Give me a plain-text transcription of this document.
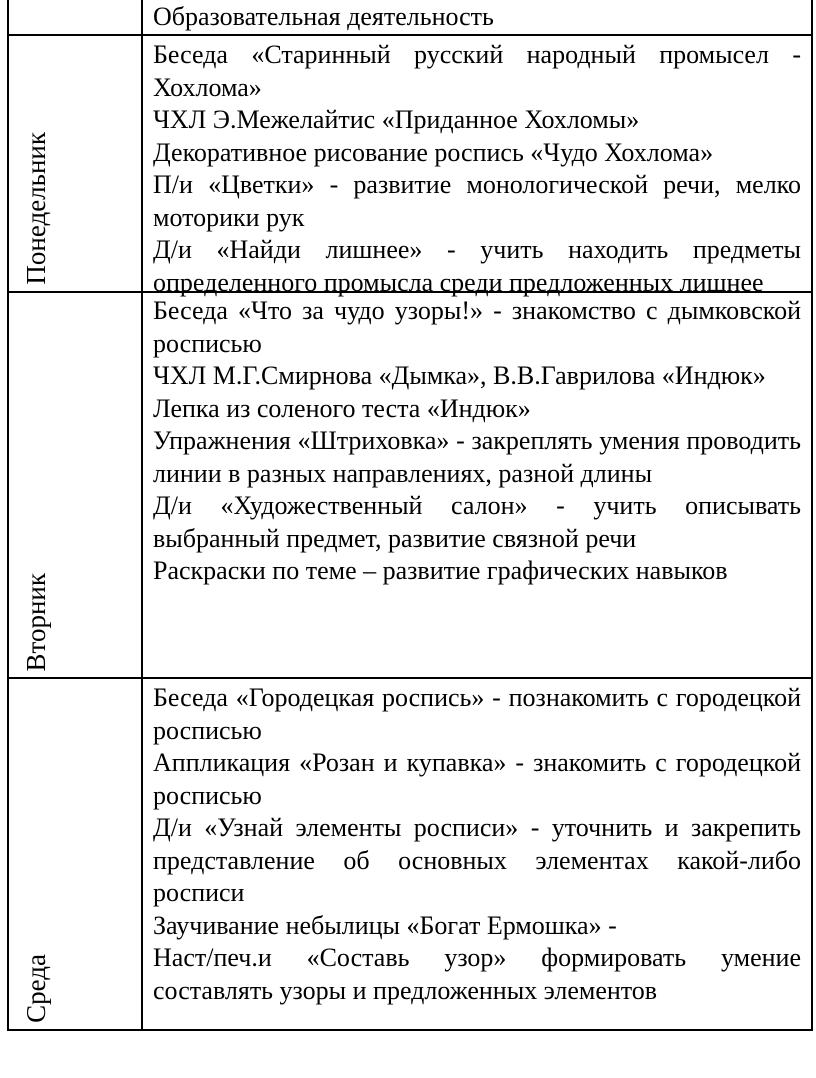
Образовательная деятельность
Понедельник

Беседа «Старинный русский народный промысел - Хохлома»

ЧХЛ Э.Межелайтис «Приданное Хохломы»

Декоративное рисование роспись «Чудо Хохлома»

П/и «Цветки» - развитие монологической речи, мелко моторики рук

Д/и «Найди лишнее» - учить находить предметы определенного промысла среди предложенных лишнее

Вторник

Беседа «Что за чудо узоры!» - знакомство с дымковской росписью

ЧХЛ М.Г.Смирнова «Дымка», В.В.Гаврилова «Индюк»

Лепка из соленого теста «Индюк»

Упражнения «Штриховка» - закреплять умения проводить линии в разных направлениях, разной длины

Д/и «Художественный салон» - учить описывать выбранный предмет, развитие связной речи

Раскраски по теме – развитие графических навыков

Среда

Беседа «Городецкая роспись» - познакомить с городецкой росписью

Аппликация «Розан и купавка» - знакомить с городецкой росписью

Д/и «Узнай элементы росписи» - уточнить и закрепить представление об основных элементах какой-либо росписи

Заучивание небылицы «Богат Ермошка» -

Наст/печ.и «Составь узор» формировать умение составлять узоры и предложенных элементов
